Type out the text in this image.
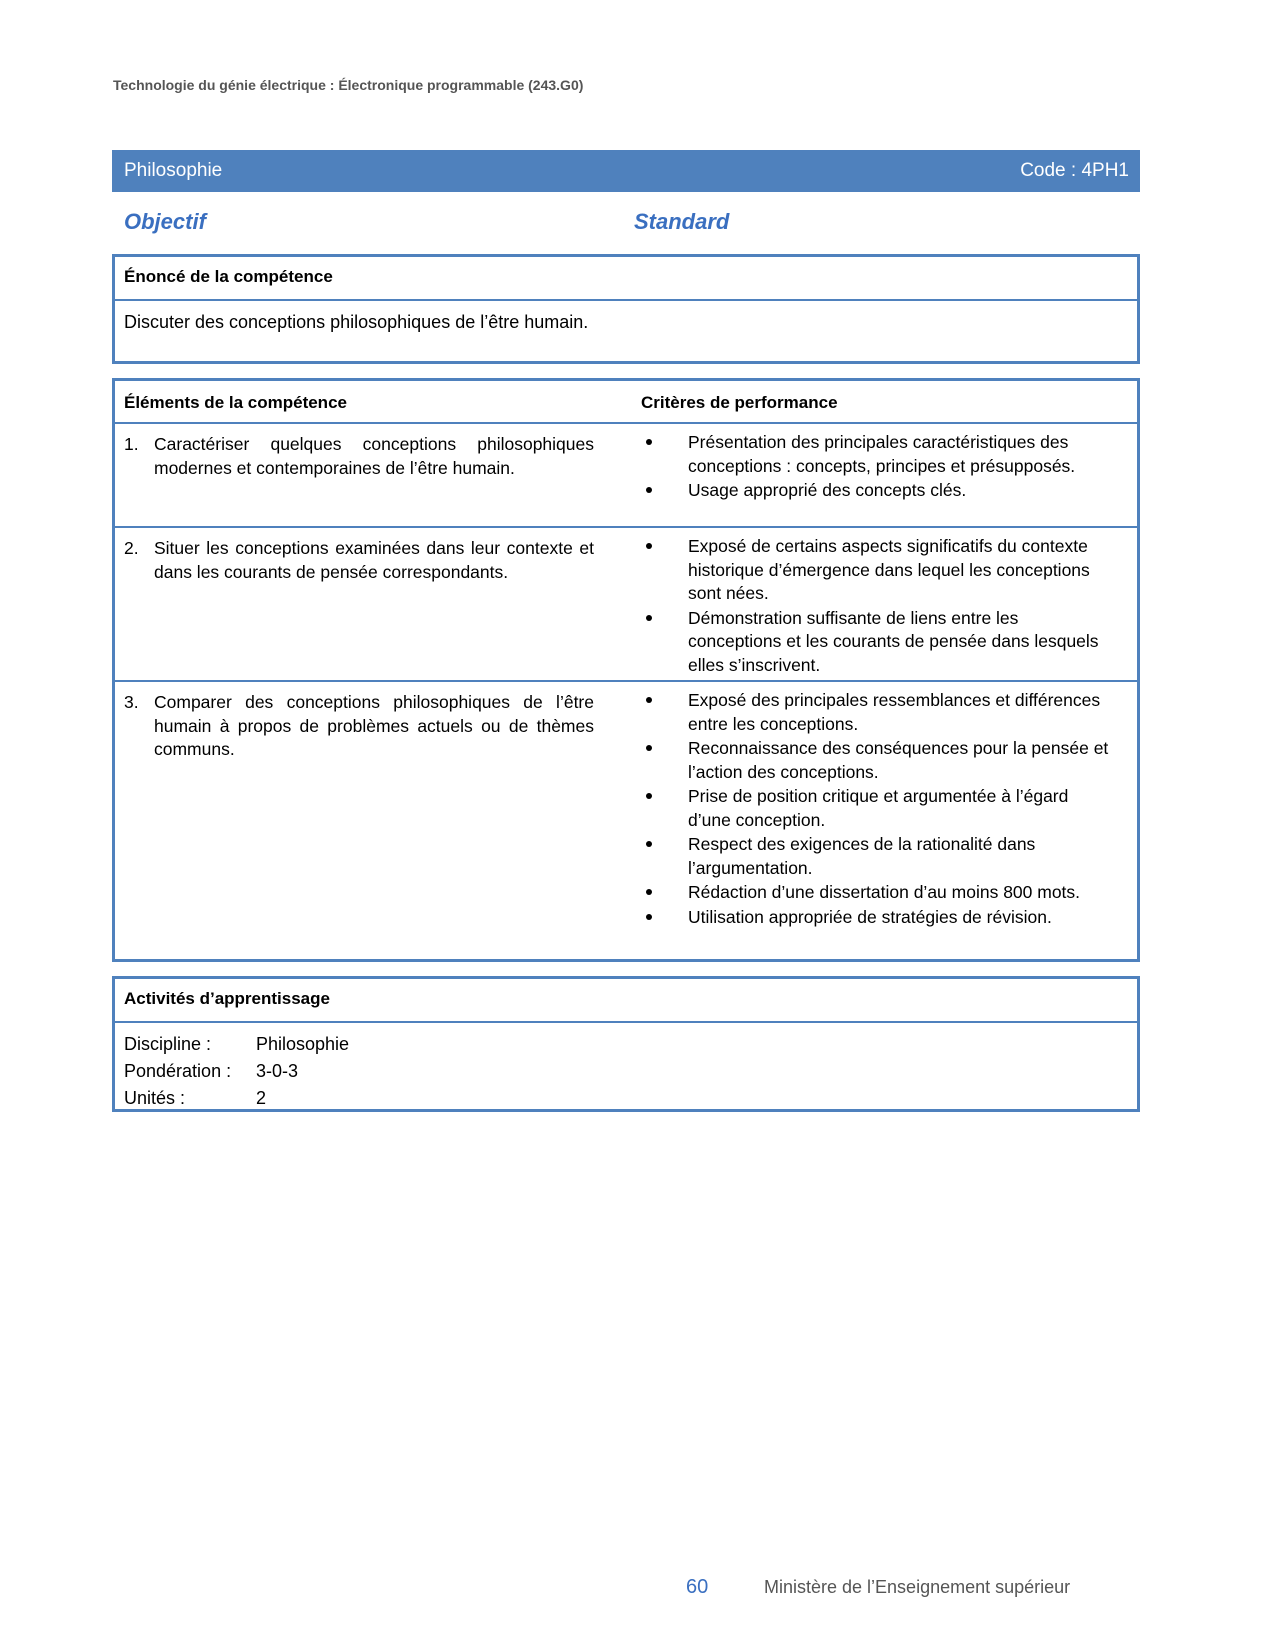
Technologie du génie électrique : Électronique programmable (243.G0)
Philosophie	Code : 4PH1
Objectif	Standard
Énoncé de la compétence
Discuter des conceptions philosophiques de l’être humain.
Éléments de la compétence	Critères de performance
1. Caractériser quelques conceptions philosophiques modernes et contemporaines de l’être humain.
Présentation des principales caractéristiques des conceptions : concepts, principes et présupposés.
Usage approprié des concepts clés.
2. Situer les conceptions examinées dans leur contexte et dans les courants de pensée correspondants.
Exposé de certains aspects significatifs du contexte historique d’émergence dans lequel les conceptions sont nées.
Démonstration suffisante de liens entre les conceptions et les courants de pensée dans lesquels elles s’inscrivent.
3. Comparer des conceptions philosophiques de l’être humain à propos de problèmes actuels ou de thèmes communs.
Exposé des principales ressemblances et différences entre les conceptions.
Reconnaissance des conséquences pour la pensée et l’action des conceptions.
Prise de position critique et argumentée à l’égard d’une conception.
Respect des exigences de la rationalité dans l’argumentation.
Rédaction d’une dissertation d’au moins 800 mots.
Utilisation appropriée de stratégies de révision.
Activités d’apprentissage
Discipline : Philosophie
Pondération : 3-0-3
Unités :	2
60	Ministère de l’Enseignement supérieur
